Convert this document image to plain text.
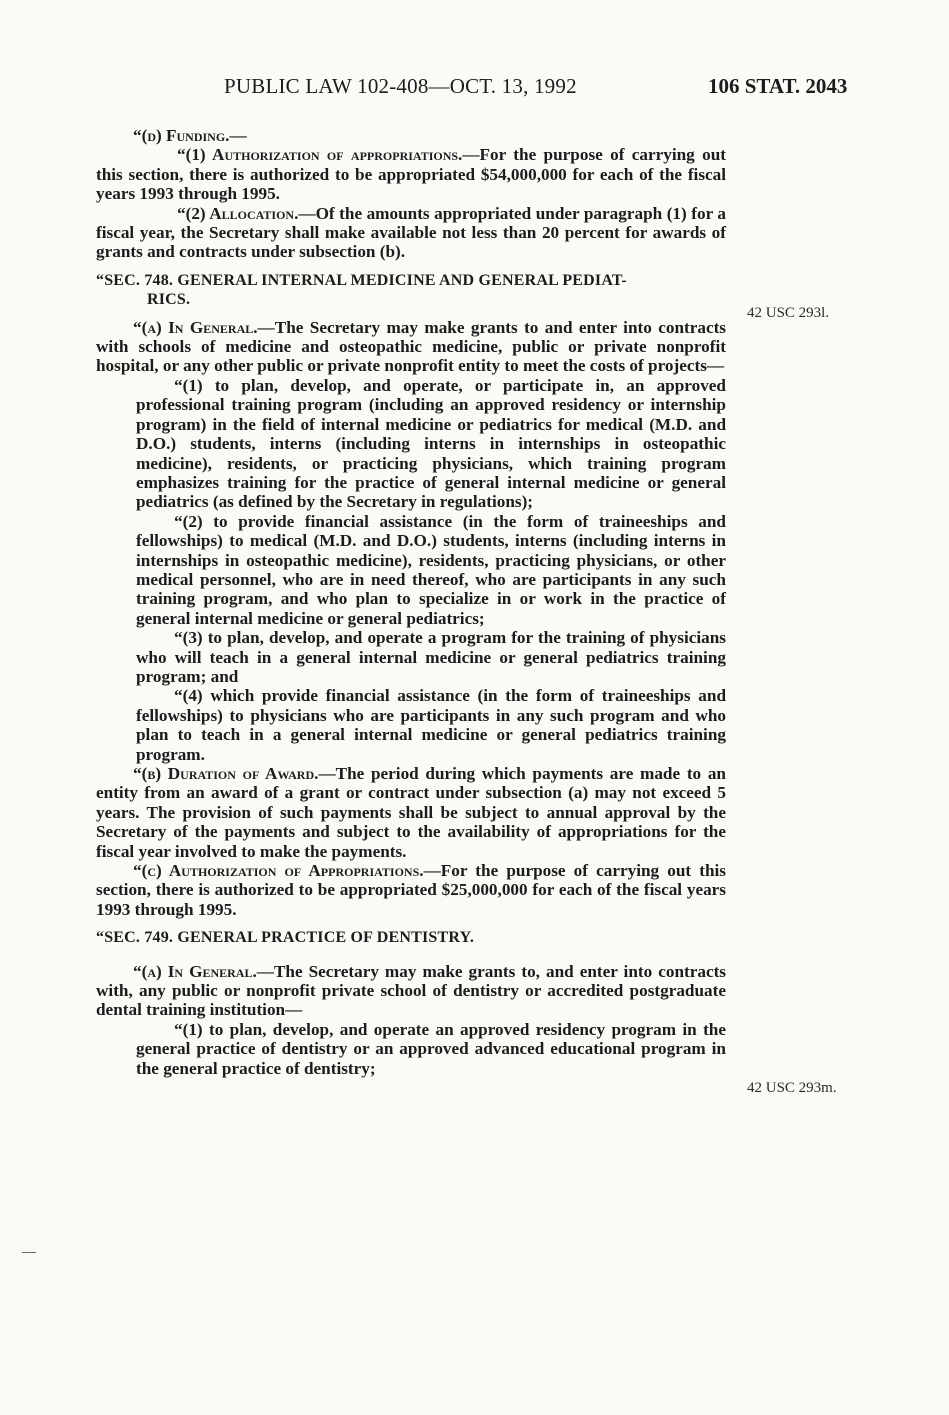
PUBLIC LAW 102-408—OCT. 13, 1992	106 STAT. 2043
42 USC 293l.
42 USC 293m.

“(d) Funding.—

“(1) Authorization of appropriations.—For the purpose of carrying out this section, there is authorized to be appropriated $54,000,000 for each of the fiscal years 1993 through 1995.

“(2) Allocation.—Of the amounts appropriated under paragraph (1) for a fiscal year, the Secretary shall make available not less than 20 percent for awards of grants and contracts under subsection (b).

“SEC. 748. GENERAL INTERNAL MEDICINE AND GENERAL PEDIAT-
RICS.

“(a) In General.—The Secretary may make grants to and enter into contracts with schools of medicine and osteopathic medicine, public or private nonprofit hospital, or any other public or private nonprofit entity to meet the costs of projects—

“(1) to plan, develop, and operate, or participate in, an approved professional training program (including an approved residency or internship program) in the field of internal medicine or pediatrics for medical (M.D. and D.O.) students, interns (including interns in internships in osteopathic medicine), residents, or practicing physicians, which training program emphasizes training for the practice of general internal medicine or general pediatrics (as defined by the Secretary in regulations);

“(2) to provide financial assistance (in the form of traineeships and fellowships) to medical (M.D. and D.O.) students, interns (including interns in internships in osteopathic medicine), residents, practicing physicians, or other medical personnel, who are in need thereof, who are participants in any such training program, and who plan to specialize in or work in the practice of general internal medicine or general pediatrics;

“(3) to plan, develop, and operate a program for the training of physicians who will teach in a general internal medicine or general pediatrics training program; and

“(4) which provide financial assistance (in the form of traineeships and fellowships) to physicians who are participants in any such program and who plan to teach in a general internal medicine or general pediatrics training program.

“(b) Duration of Award.—The period during which payments are made to an entity from an award of a grant or contract under subsection (a) may not exceed 5 years. The provision of such payments shall be subject to annual approval by the Secretary of the payments and subject to the availability of appropriations for the fiscal year involved to make the payments.

“(c) Authorization of Appropriations.—For the purpose of carrying out this section, there is authorized to be appropriated $25,000,000 for each of the fiscal years 1993 through 1995.

“SEC. 749. GENERAL PRACTICE OF DENTISTRY.

“(a) In General.—The Secretary may make grants to, and enter into contracts with, any public or nonprofit private school of dentistry or accredited postgraduate dental training institution—

“(1) to plan, develop, and operate an approved residency program in the general practice of dentistry or an approved advanced educational program in the general practice of dentistry;
